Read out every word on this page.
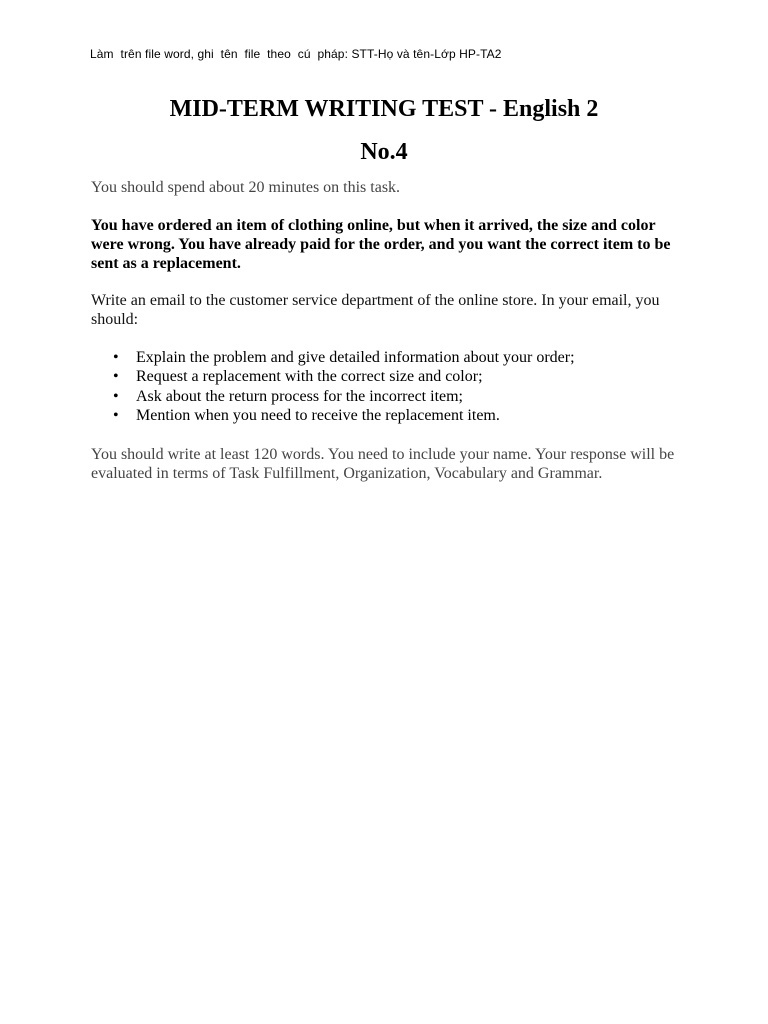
Làm  trên file word, ghi  tên  file  theo  cú  pháp: STT-Họ và tên-Lớp HP-TA2
MID-TERM WRITING TEST - English 2
No.4
You should spend about 20 minutes on this task.
You have ordered an item of clothing online, but when it arrived, the size and color were wrong. You have already paid for the order, and you want the correct item to be sent as a replacement.
Write an email to the customer service department of the online store. In your email, you should:
• Explain the problem and give detailed information about your order;
• Request a replacement with the correct size and color;
• Ask about the return process for the incorrect item;
• Mention when you need to receive the replacement item.
You should write at least 120 words. You need to include your name. Your response will be evaluated in terms of Task Fulfillment, Organization, Vocabulary and Grammar.
